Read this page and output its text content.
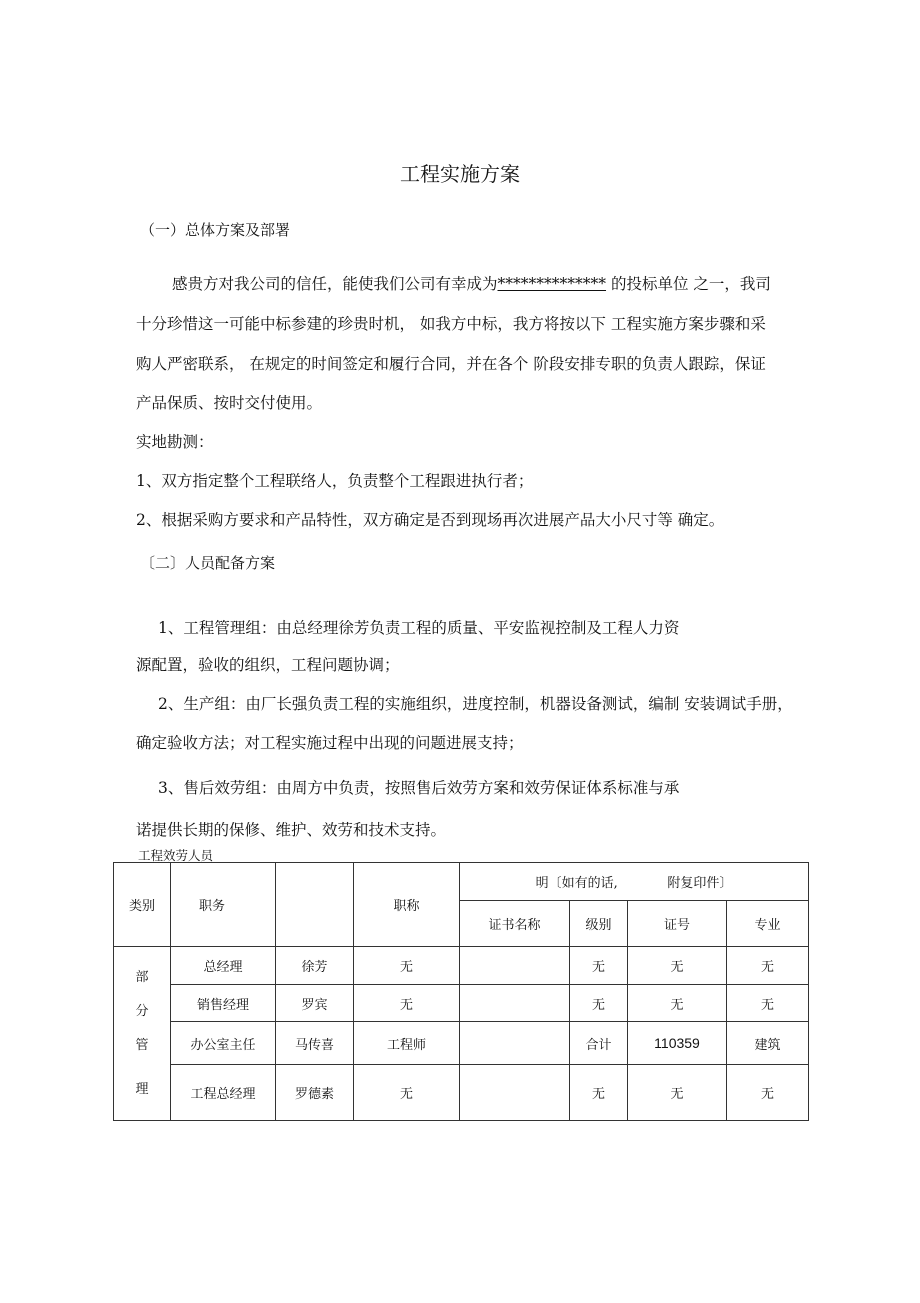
工程实施方案
（一）总体方案及部署
感贵方对我公司的信任，能使我们公司有幸成为************** 的投标单位 之一，我司
十分珍惜这一可能中标参建的珍贵时机， 如我方中标，我方将按以下 工程实施方案步骤和采
购人严密联系， 在规定的时间签定和履行合同，并在各个 阶段安排专职的负责人跟踪，保证
产品保质、按时交付使用。
实地勘测：
1、双方指定整个工程联络人，负责整个工程跟进执行者；
2、根据采购方要求和产品特性，双方确定是否到现场再次进展产品大小尺寸等 确定。
〔二〕人员配备方案
1、工程管理组：由总经理徐芳负责工程的质量、平安监视控制及工程人力资
源配置，验收的组织，工程问题协调；
2、生产组：由厂长强负责工程的实施组织，进度控制，机器设备测试，编制 安装调试手册，
确定验收方法；对工程实施过程中出现的问题进展支持；
3、售后效劳组：由周方中负责，按照售后效劳方案和效劳保证体系标准与承
诺提供长期的保修、维护、效劳和技术支持。
工程效劳人员
类别	职务		职称	明〔如有的话,            附复印件〕			
				证书名称	级别	证号	专业

部
分
管
理	总经理	徐芳	无		无	无	无
	销售经理	罗宾	无		无	无	无
	办公室主任	马传喜	工程师		合计	110359	建筑
	工程总经理	罗德素	无		无	无	无
